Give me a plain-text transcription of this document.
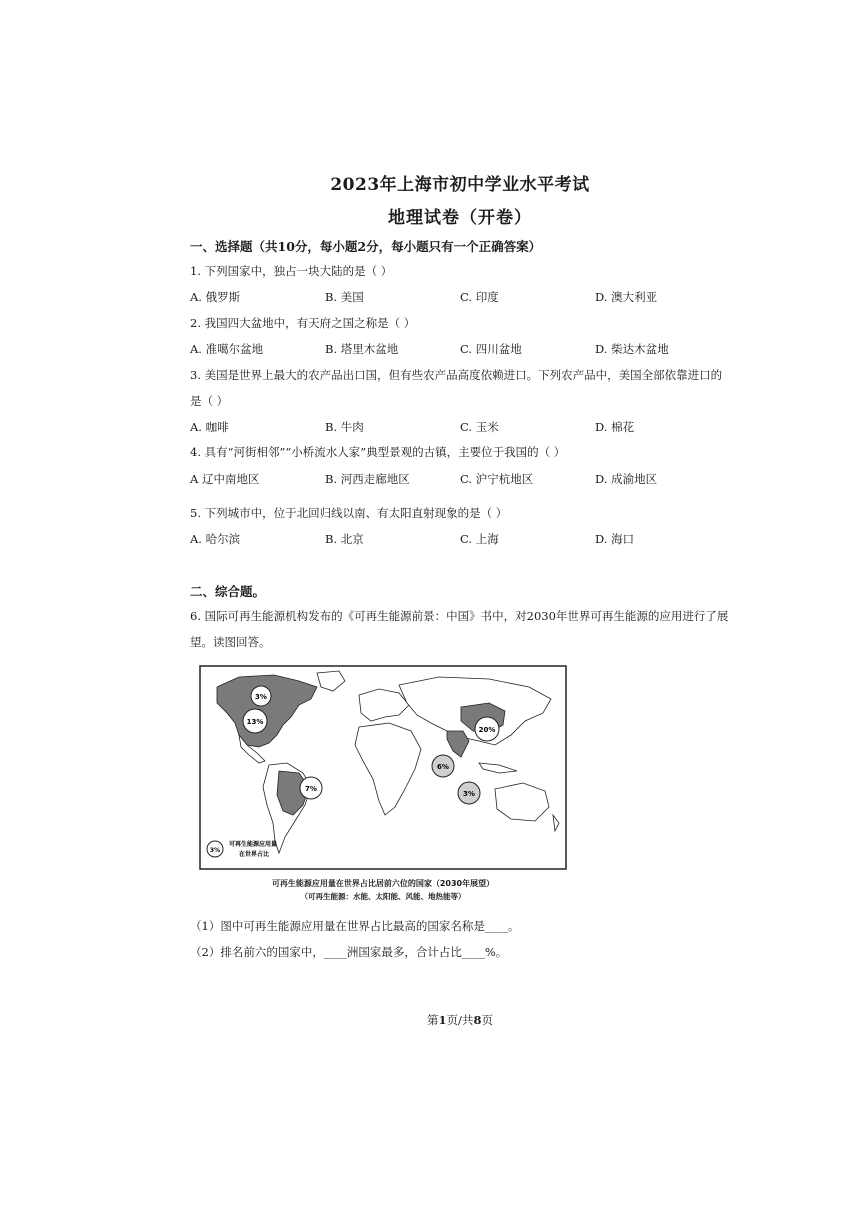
2023年上海市初中学业水平考试
地理试卷（开卷）
一、选择题（共10分，每小题2分，每小题只有一个正确答案）
1. 下列国家中，独占一块大陆的是（ ）
A. 俄罗斯	B. 美国	C. 印度	D. 澳大利亚
2. 我国四大盆地中，有天府之国之称是（ ）
A. 准噶尔盆地	B. 塔里木盆地	C. 四川盆地	D. 柴达木盆地
3. 美国是世界上最大的农产品出口国，但有些农产品高度依赖进口。下列农产品中，美国全部依靠进口的
是（ ）
A. 咖啡	B. 牛肉	C. 玉米	D. 棉花
4. 具有“河街相邻”“小桥流水人家”典型景观的古镇，主要位于我国的（ ）
A 辽中南地区	B. 河西走廊地区	C. 沪宁杭地区	D. 成渝地区
5. 下列城市中，位于北回归线以南、有太阳直射现象的是（ ）
A. 哈尔滨	B. 北京	C. 上海	D. 海口
二、综合题。
6. 国际可再生能源机构发布的《可再生能源前景：中国》书中，对2030年世界可再生能源的应用进行了展
望。读图回答。
3%
13%
7%
20%
6%
3%
3%
可再生能源应用量
在世界占比
可再生能源应用量在世界占比居前六位的国家（2030年展望）
（可再生能源：水能、太阳能、风能、地热能等）
（1）图中可再生能源应用量在世界占比最高的国家名称是____。
（2）排名前六的国家中，____洲国家最多，合计占比____%。
第1页/共8页
